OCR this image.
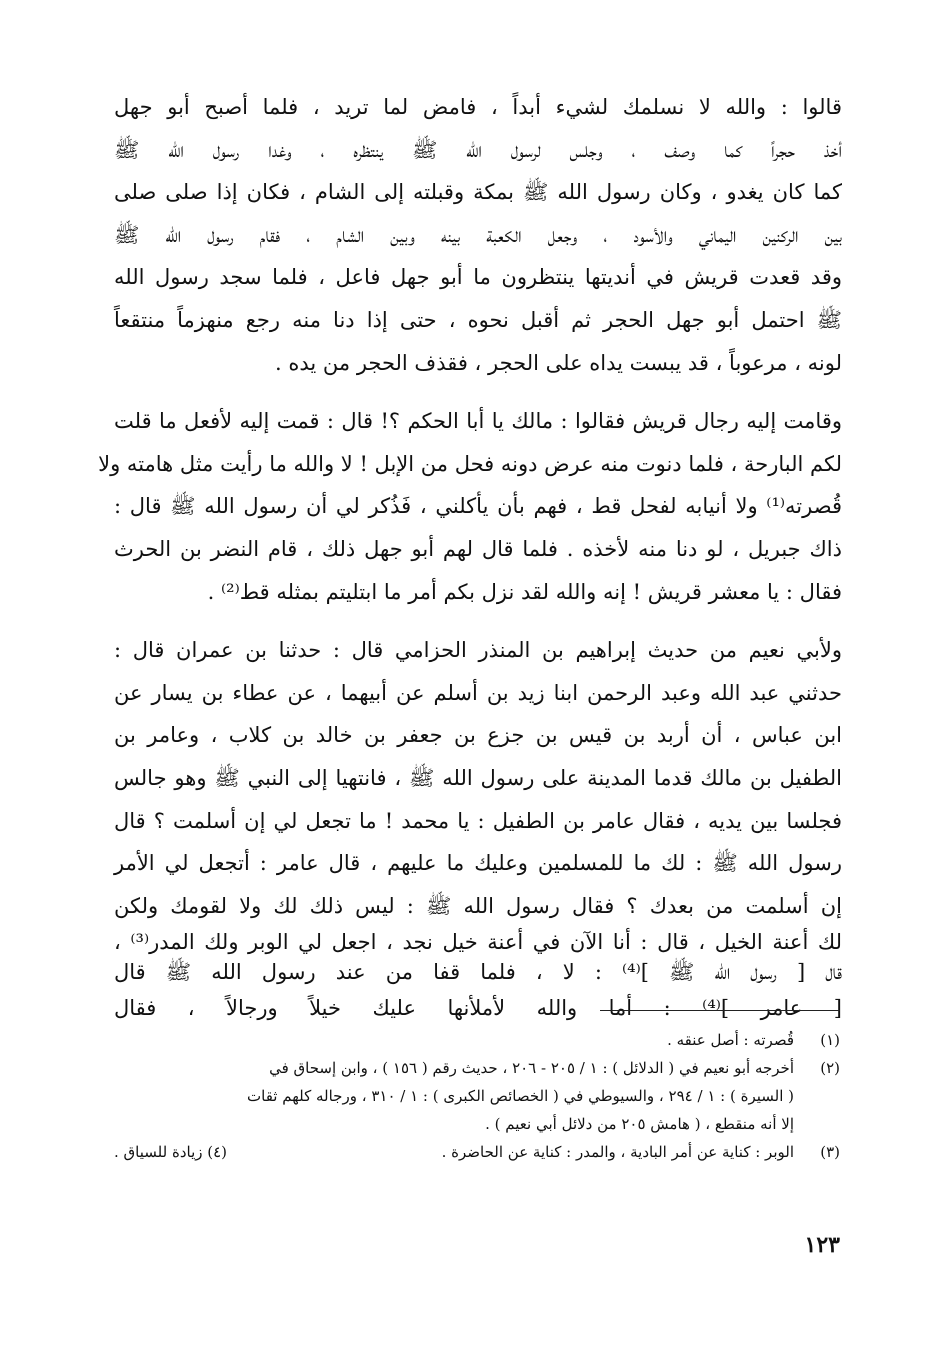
قالوا : والله لا نسلمك لشيء أبداً ، فامض لما تريد ، فلما أصبح أبو جهل
أخذ حجراً كما وصف ، وجلس لرسول الله ﷺ ينتظره ، وغدا رسول الله ﷺ
كما كان يغدو ، وكان رسول الله ﷺ بمكة وقبلته إلى الشام ، فكان إذا صلى صلى
بين الركنين اليماني والأسود ، وجعل الكعبة بينه وبين الشام ، فقام رسول الله ﷺ
وقد قعدت قريش في أنديتها ينتظرون ما أبو جهل فاعل ، فلما سجد رسول الله
ﷺ احتمل أبو جهل الحجر ثم أقبل نحوه ، حتى إذا دنا منه رجع منهزماً منتقعاً
لونه ، مرعوباً ، قد يبست يداه على الحجر ، فقذف الحجر من يده .
وقامت إليه رجال قريش فقالوا : مالك يا أبا الحكم ؟! قال : قمت إليه لأفعل ما قلت
لكم البارحة ، فلما دنوت منه عرض دونه فحل من الإبل ! لا والله ما رأيت مثل هامته ولا
قُصرته⁽¹⁾ ولا أنيابه لفحل قط ، فهم بأن يأكلني ، فَذُكر لي أن رسول الله ﷺ قال :
ذاك جبريل ، لو دنا منه لأخذه . فلما قال لهم أبو جهل ذلك ، قام النضر بن الحرث
فقال : يا معشر قريش ! إنه والله لقد نزل بكم أمر ما ابتليتم بمثله قط⁽²⁾ .
ولأبي نعيم من حديث إبراهيم بن المنذر الحزامي قال : حدثنا بن عمران قال :
حدثني عبد الله وعبد الرحمن ابنا زيد بن أسلم عن أبيهما ، عن عطاء بن يسار عن
ابن عباس ، أن أربد بن قيس بن جزع بن جعفر بن خالد بن كلاب ، وعامر بن
الطفيل بن مالك قدما المدينة على رسول الله ﷺ ، فانتهيا إلى النبي ﷺ وهو جالس
فجلسا بين يديه ، فقال عامر بن الطفيل : يا محمد ! ما تجعل لي إن أسلمت ؟ قال
رسول الله ﷺ : لك ما للمسلمين وعليك ما عليهم ، قال عامر : أتجعل لي الأمر
إن أسلمت من بعدك ؟ فقال رسول الله ﷺ : ليس ذلك لك ولا لقومك ولكن
لك أعنة الخيل ، قال : أنا الآن في أعنة خيل نجد ، اجعل لي الوبر ولك المدر⁽³⁾ ،
قال [ رسول الله ﷺ ]⁽⁴⁾ : لا ، فلما قفا من عند رسول الله ﷺ قال
[ عامر ]⁽⁴⁾ : أما والله لأملأنها عليك خيلاً ورجالاً ، فقال
(١)
قُصرته : أصل عنقه .
(٢)
أخرجه أبو نعيم في ( الدلائل ) : ١ / ٢٠٥ - ٢٠٦ ، حديث رقم ( ١٥٦ ) ، وابن إسحاق في
( السيرة ) : ١ / ٢٩٤ ، والسيوطي في ( الخصائص الكبرى ) : ١ / ٣١٠ ، ورجاله كلهم ثقات
إلا أنه منقطع ، ( هامش ٢٠٥ من دلائل أبي نعيم ) .
(٣)
الوبر : كناية عن أمر البادية ، والمدر : كناية عن الحاضرة .
(٤) زيادة للسياق .
١٢٣
